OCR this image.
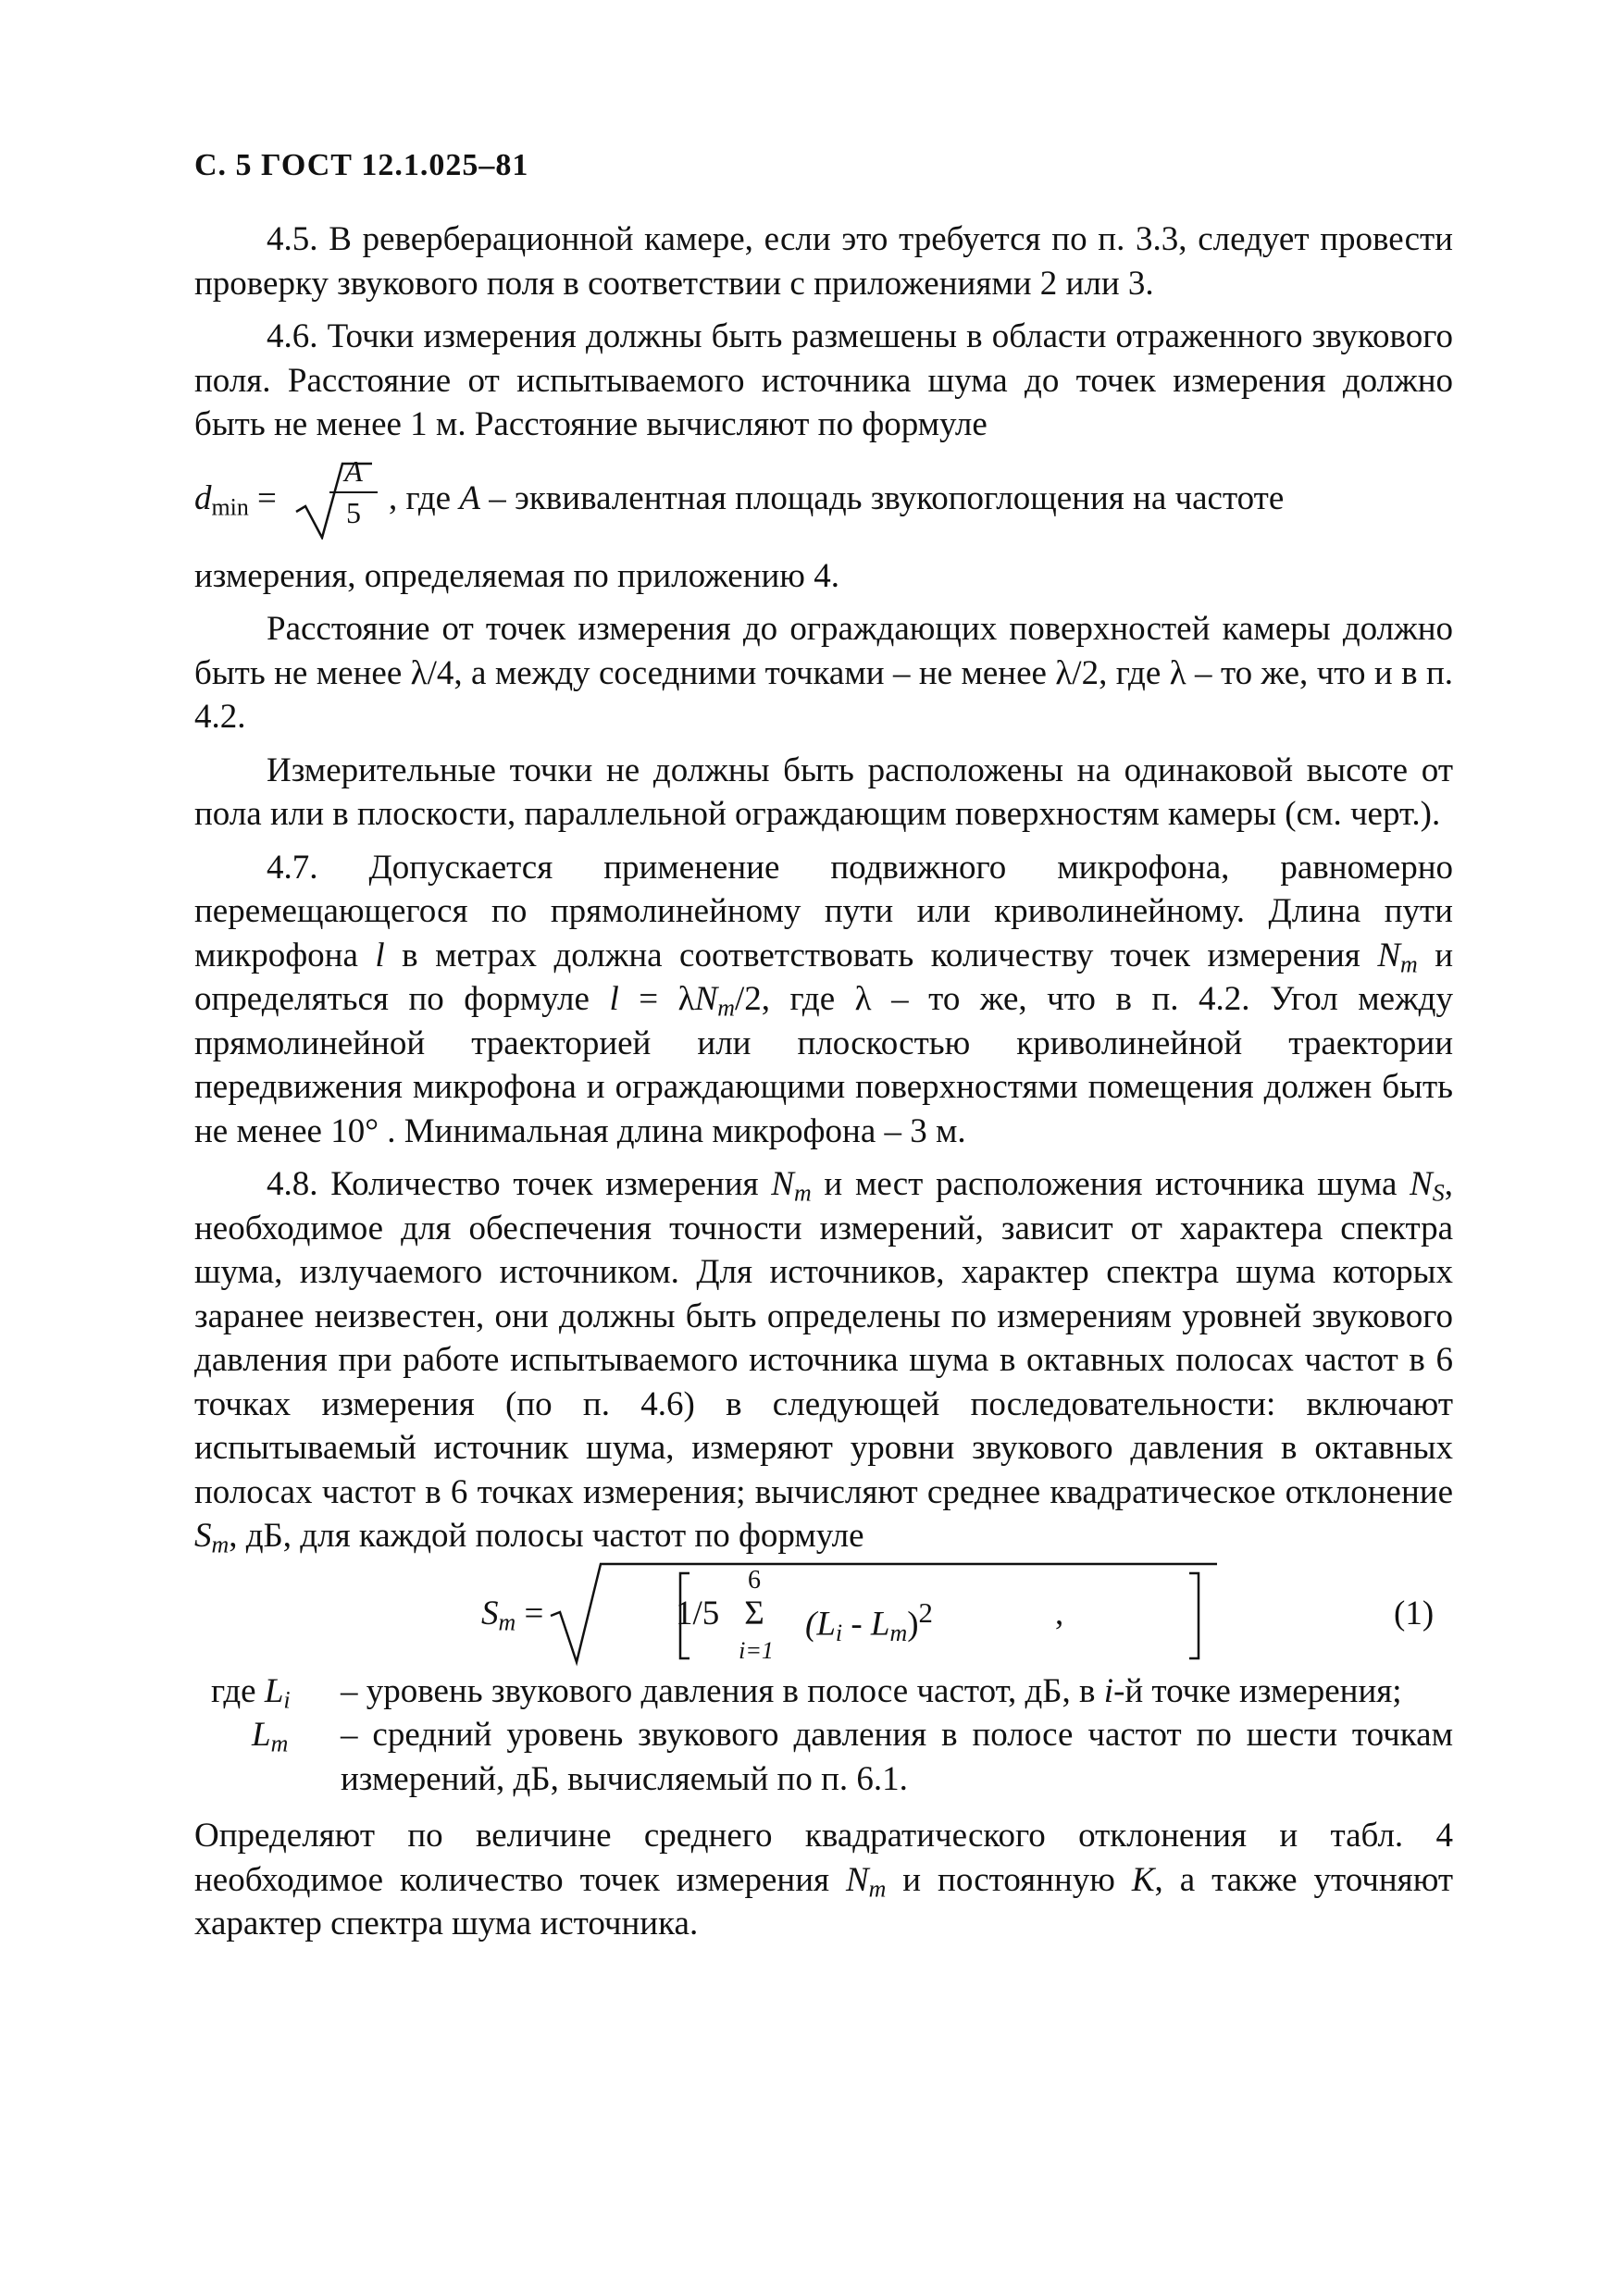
С. 5 ГОСТ 12.1.025–81

4.5. В реверберационной камере, если это требуется по п. 3.3, следует провести проверку звукового поля в соответствии с приложениями 2 или 3.

4.6. Точки измерения должны быть размешены в области отраженного звукового поля. Расстояние от испытываемого источника шума до точек измерения должно быть не менее 1 м. Расстояние вычисляют по формуле

$d_{min}$ =
A
5 , где A – эквивалентная площадь звукопоглощения на частоте

измерения, определяемая по приложению 4.

Расстояние от точек измерения до ограждающих поверхностей камеры должно быть не менее λ/4, а между соседними точками – не менее λ/2, где λ – то же, что и в п. 4.2.

Измерительные точки не должны быть расположены на одинаковой высоте от пола или в плоскости, параллельной ограждающим поверхностям камеры (см. черт.).

4.7. Допускается применение подвижного микрофона, равномерно перемещающегося по прямолинейному пути или криволинейному. Длина пути микрофона l в метрах должна соответствовать количеству точек измерения $N_m$ и определяться по формуле $l = \lambda N_m/2$, где λ – то же, что в п. 4.2. Угол между прямолинейной траекторией или плоскостью криволинейной траектории передвижения микрофона и ограждающими поверхностями помещения должен быть не менее 10° . Минимальная длина микрофона – 3 м.

4.8. Количество точек измерения $N_m$ и мест расположения источника шума $N_S$, необходимое для обеспечения точности измерений, зависит от характера спектра шума, излучаемого источником. Для источников, характер спектра шума которых заранее неизвестен, они должны быть определены по измерениям уровней звукового давления при работе испытываемого источника шума в октавных полосах частот в 6 точках измерения (по п. 4.6) в следующей последовательности: включают испытываемый источник шума, измеряют уровни звукового давления в октавных полосах частот в 6 точках измерения; вычисляют среднее квадратическое отклонение $S_m$, дБ, для каждой полосы частот по формуле

$S_m$ =	1/5
6
Σ
i=1
$(L_i - L_m)^2$	,	(1)
где $L_i$ – уровень звукового давления в полосе частот, дБ, в i-й точке измерения;
$L_m$ – средний уровень звукового давления в полосе частот по шести точкам измерений, дБ, вычисляемый по п. 6.1.

Определяют по величине среднего квадратического отклонения и табл. 4 необходимое количество точек измерения $N_m$ и постоянную K, а также уточняют характер спектра шума источника.
